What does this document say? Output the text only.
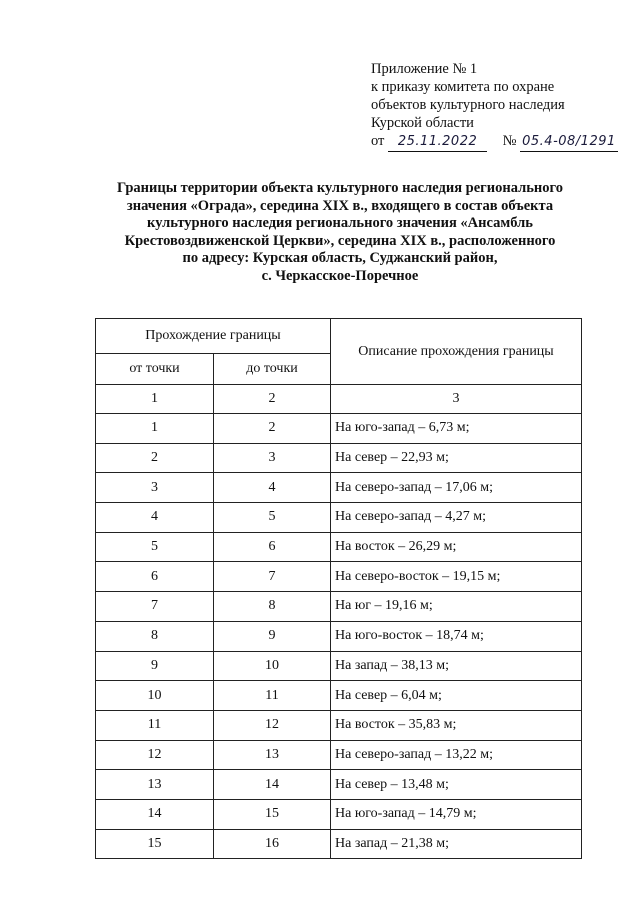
Приложение № 1
к приказу комитета по охране
объектов культурного наследия
Курской области
от 25.11.2022 № 05.4-08/1291
Границы территории объекта культурного наследия регионального
значения «Ограда», середина XIX в., входящего в состав объекта
культурного наследия регионального значения «Ансамбль
Крестовоздвиженской Церкви», середина XIX в., расположенного
по адресу: Курская область, Суджанский район,
с. Черкасское-Поречное
Прохождение границы		Описание прохождения границы
от точки	до точки	
1	2	3
1	2	На юго-запад – 6,73 м;
2	3	На север – 22,93 м;
3	4	На северо-запад – 17,06 м;
4	5	На северо-запад – 4,27 м;
5	6	На восток – 26,29 м;
6	7	На северо-восток – 19,15 м;
7	8	На юг – 19,16 м;
8	9	На юго-восток – 18,74 м;
9	10	На запад – 38,13 м;
10	11	На север – 6,04 м;
11	12	На восток – 35,83 м;
12	13	На северо-запад – 13,22 м;
13	14	На север – 13,48 м;
14	15	На юго-запад – 14,79 м;
15	16	На запад – 21,38 м;
